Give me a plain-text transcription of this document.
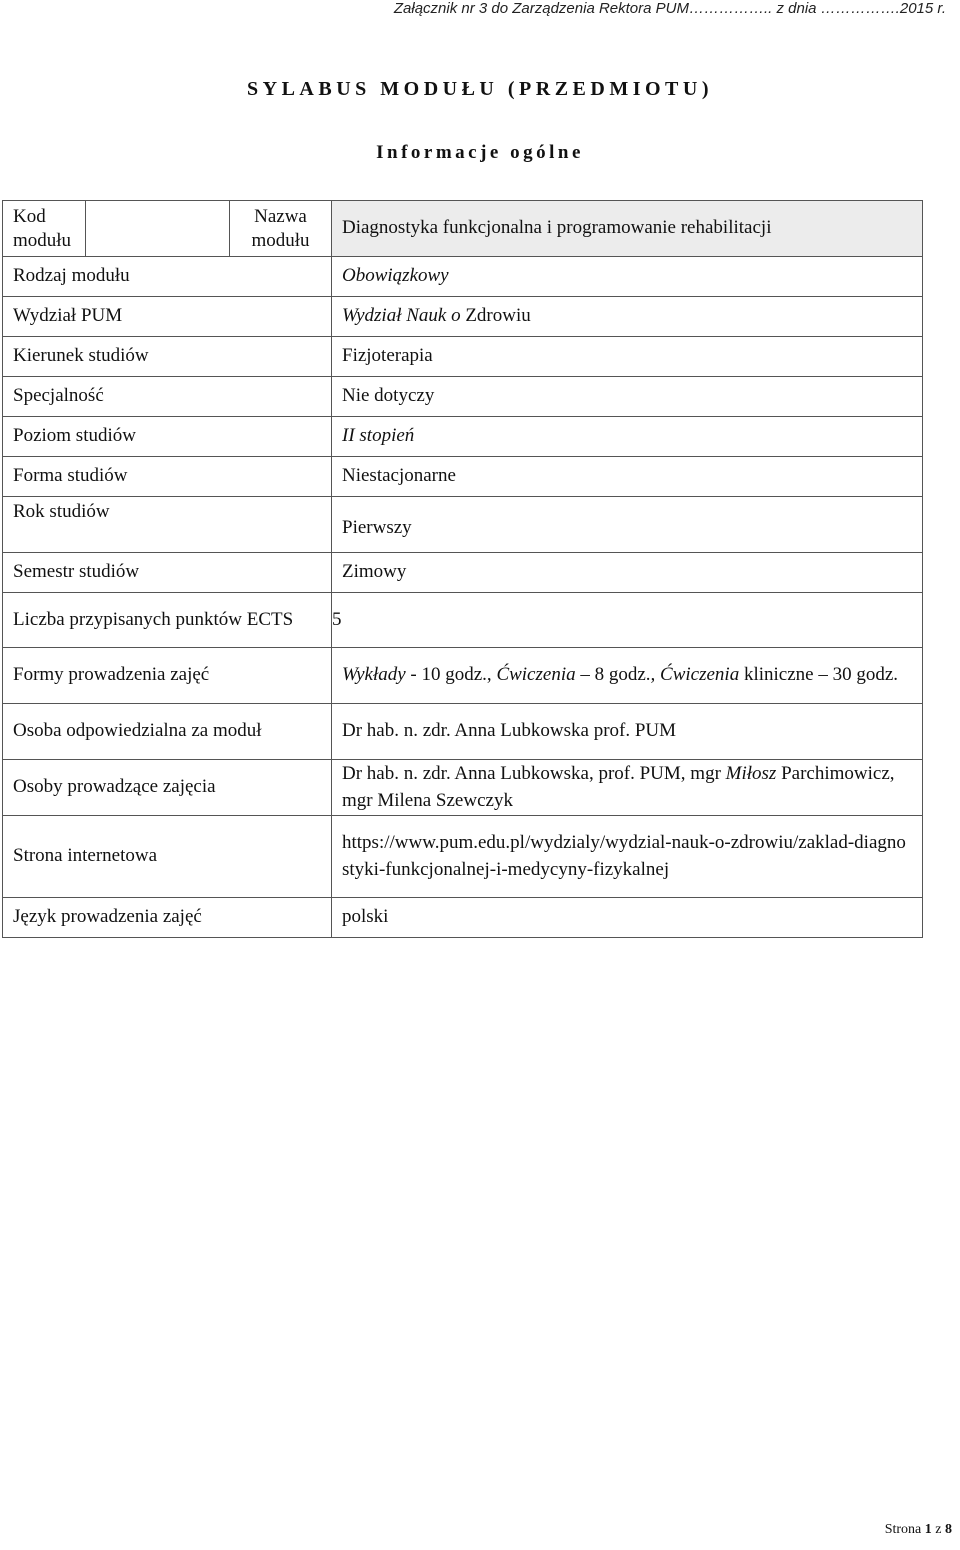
Załącznik nr 3 do Zarządzenia Rektora PUM…………….. z dnia …………….2015 r.
SYLABUS MODUŁU (PRZEDMIOTU)
Informacje ogólne
Kod modułu		Nazwa modułu	Diagnostyka funkcjonalna i programowanie rehabilitacji
Rodzaj modułu			Obowiązkowy
Wydział PUM			Wydział Nauk o Zdrowiu
Kierunek studiów			Fizjoterapia
Specjalność			Nie dotyczy
Poziom studiów			II stopień
Forma studiów			Niestacjonarne
Rok studiów			Pierwszy
Semestr studiów			Zimowy
Liczba przypisanych punktów ECTS			5
Formy prowadzenia zajęć			Wykłady - 10 godz., Ćwiczenia – 8 godz., Ćwiczenia kliniczne – 30 godz.
Osoba odpowiedzialna za moduł			Dr hab. n. zdr. Anna Lubkowska prof. PUM
Osoby prowadzące zajęcia			Dr hab. n. zdr. Anna Lubkowska, prof. PUM, mgr Miłosz Parchimowicz, mgr Milena Szewczyk
Strona internetowa			https://www.pum.edu.pl/wydzialy/wydzial-nauk-o-zdrowiu/zaklad-diagnostyki-funkcjonalnej-i-medycyny-fizykalnej
Język prowadzenia zajęć			polski
Strona 1 z 8
